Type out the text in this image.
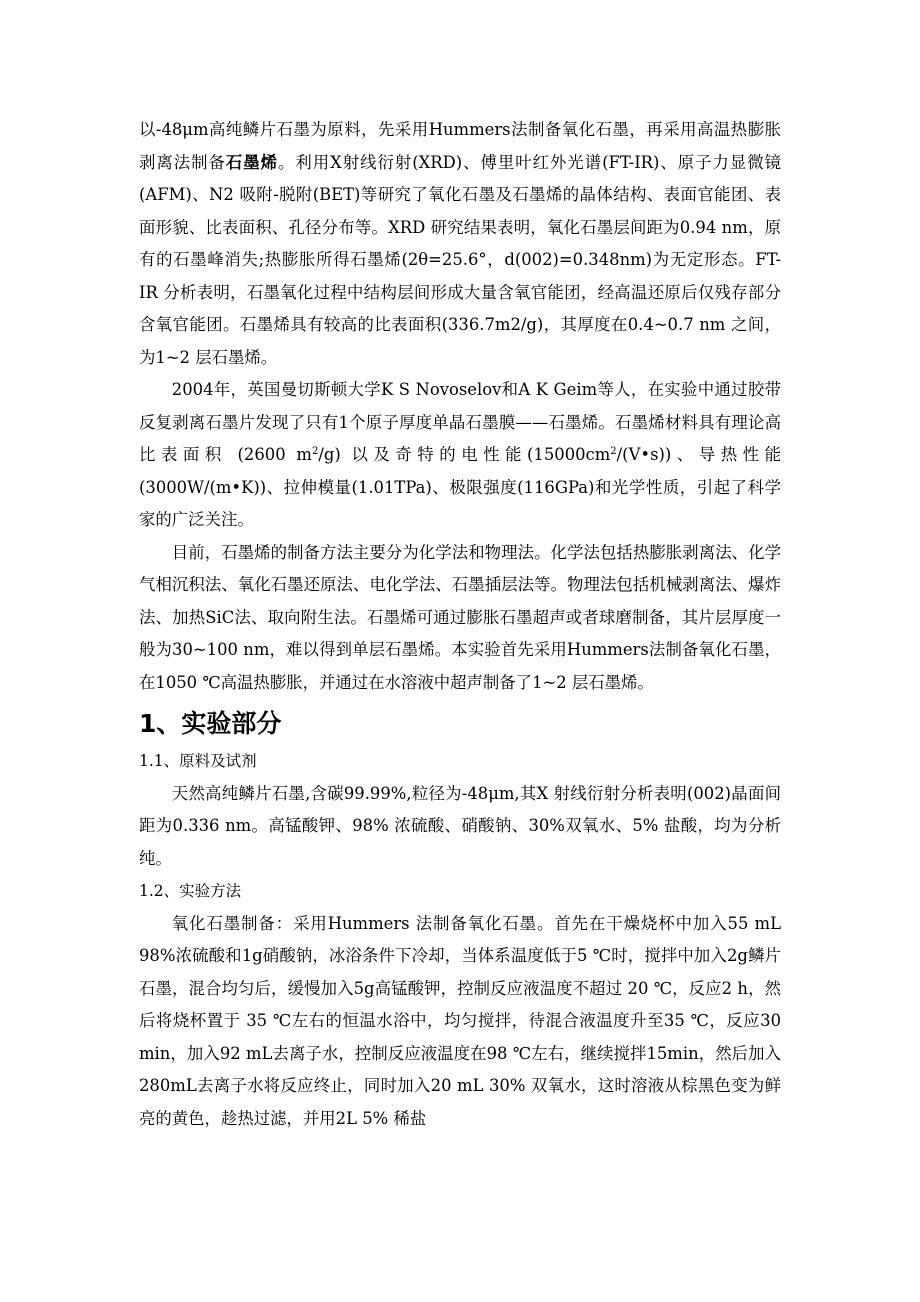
以-48μm高纯鳞片石墨为原料，先采用Hummers法制备氧化石墨，再采用高温热膨胀剥离法制备石墨烯。利用X射线衍射(XRD)、傅里叶红外光谱(FT-IR)、原子力显微镜(AFM)、N2 吸附-脱附(BET)等研究了氧化石墨及石墨烯的晶体结构、表面官能团、表面形貌、比表面积、孔径分布等。XRD 研究结果表明，氧化石墨层间距为0.94 nm，原有的石墨峰消失;热膨胀所得石墨烯(2θ=25.6°，d(002)=0.348nm)为无定形态。FT-IR 分析表明，石墨氧化过程中结构层间形成大量含氧官能团，经高温还原后仅残存部分含氧官能团。石墨烯具有较高的比表面积(336.7m2/g)，其厚度在0.4~0.7 nm 之间，为1~2 层石墨烯。

2004年，英国曼切斯顿大学K S Novoselov和A K Geim等人，在实验中通过胶带反复剥离石墨片发现了只有1个原子厚度单晶石墨膜——石墨烯。石墨烯材料具有理论高比表面积 (2600 $m^2/g$) 以及奇特的电性能$(15000cm^2/(V•s))$、导热性能(3000W/(m•K))、拉伸模量(1.01TPa)、极限强度(116GPa)和光学性质，引起了科学家的广泛关注。

目前，石墨烯的制备方法主要分为化学法和物理法。化学法包括热膨胀剥离法、化学气相沉积法、氧化石墨还原法、电化学法、石墨插层法等。物理法包括机械剥离法、爆炸法、加热SiC法、取向附生法。石墨烯可通过膨胀石墨超声或者球磨制备，其片层厚度一般为30~100 nm，难以得到单层石墨烯。本实验首先采用Hummers法制备氧化石墨，在1050 ℃高温热膨胀，并通过在水溶液中超声制备了1~2 层石墨烯。

1、实验部分

1.1、原料及试剂

天然高纯鳞片石墨,含碳99.99%,粒径为-48μm,其X 射线衍射分析表明(002)晶面间距为0.336 nm。高锰酸钾、98% 浓硫酸、硝酸钠、30%双氧水、5% 盐酸，均为分析纯。

1.2、实验方法

氧化石墨制备：采用Hummers 法制备氧化石墨。首先在干燥烧杯中加入55 mL 98%浓硫酸和1g硝酸钠，冰浴条件下冷却，当体系温度低于5 ℃时，搅拌中加入2g鳞片石墨，混合均匀后，缓慢加入5g高锰酸钾，控制反应液温度不超过 20 ℃，反应2 h，然后将烧杯置于 35 ℃左右的恒温水浴中，均匀搅拌，待混合液温度升至35 ℃，反应30 min，加入92 mL去离子水，控制反应液温度在98 ℃左右，继续搅拌15min，然后加入280mL去离子水将反应终止，同时加入20 mL 30% 双氧水，这时溶液从棕黑色变为鲜亮的黄色，趁热过滤，并用2L 5% 稀盐
